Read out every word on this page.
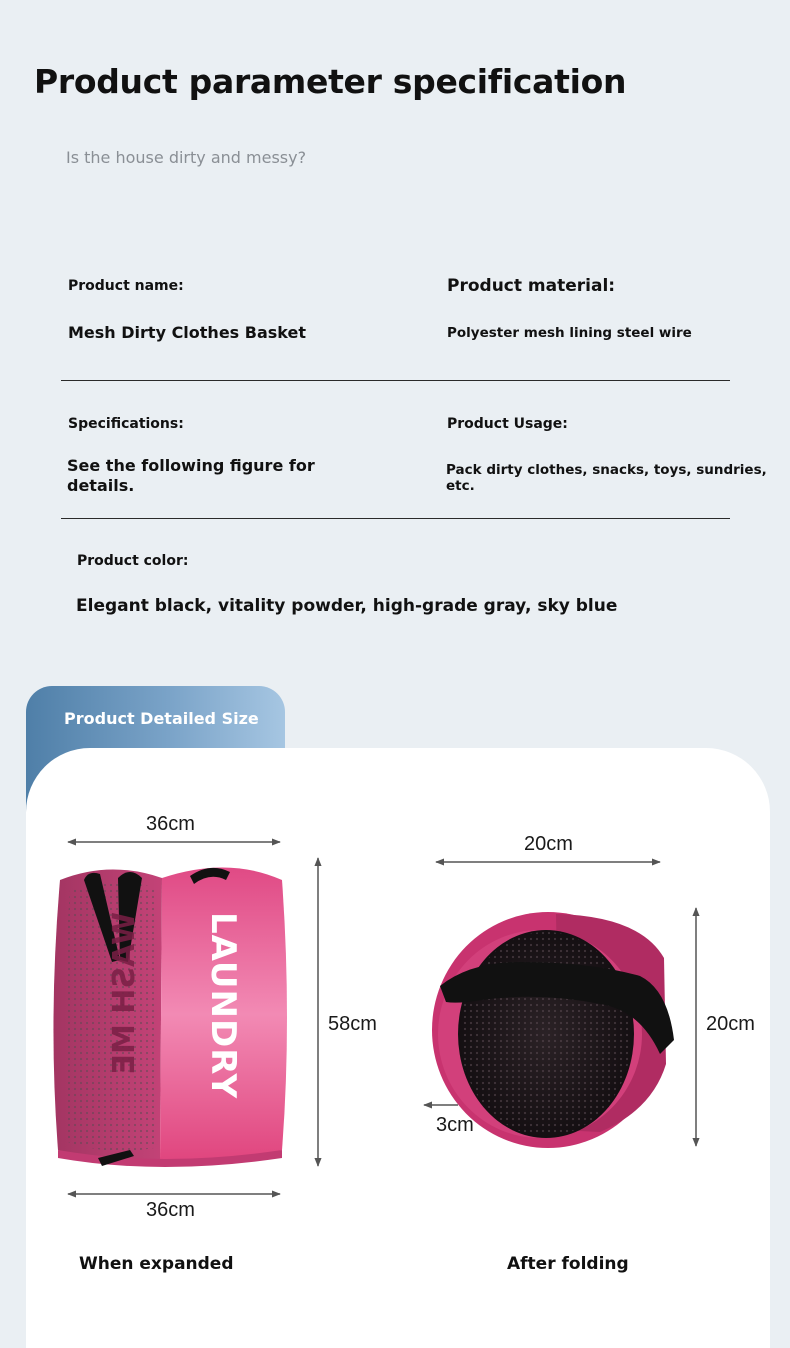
Product parameter specification
Is the house dirty and messy?
Product name:
Mesh Dirty Clothes Basket
Product material:
Polyester mesh lining steel wire
Specifications:
See the following figure for details.
Product Usage:
Pack dirty clothes, snacks, toys, sundries, etc.
Product color:
Elegant black, vitality powder, high-grade gray, sky blue
Product Detailed Size
LAUNDRY
WASH ME
36cm
36cm
58cm
When expanded
20cm
20cm
3cm
After folding
